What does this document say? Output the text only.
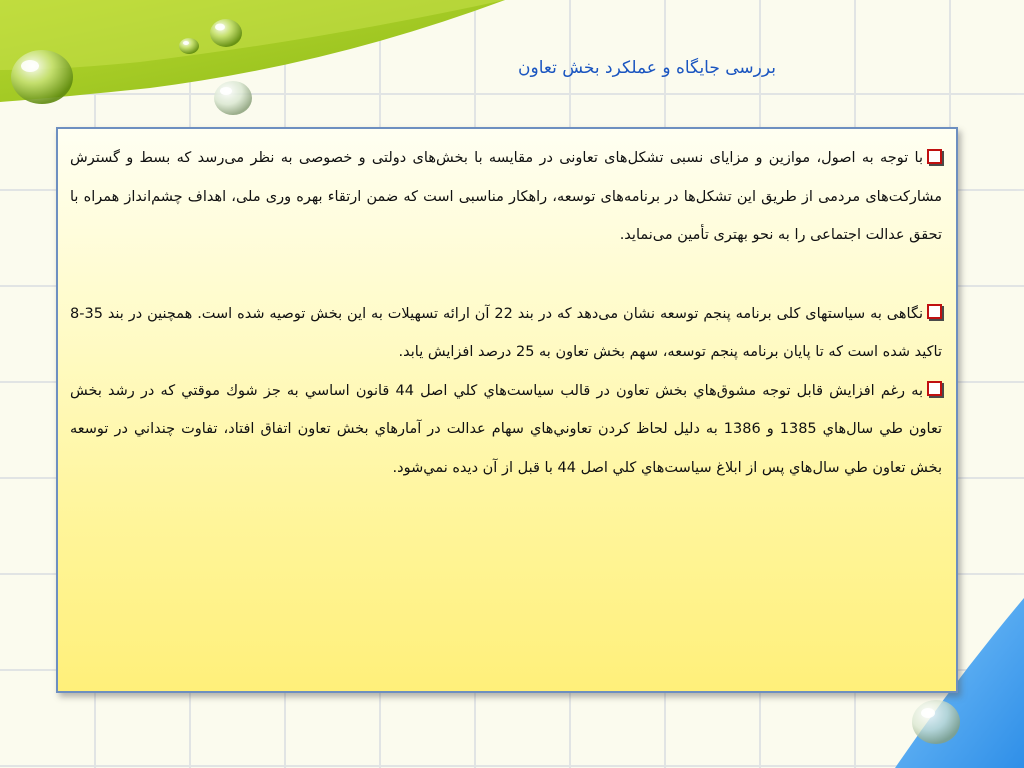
بررسی جایگاه و عملکرد بخش تعاون

با توجه به اصول، موازین و مزایای نسبی تشکل‌های تعاونی در مقایسه با بخش‌های دولتی و خصوصی به نظر می‌رسد که بسط و گسترش مشارکت‌های مردمی از طریق این تشکل‌ها در برنامه‌های توسعه، راهکار مناسبی است که ضمن ارتقاء بهره وری ملی، اهداف چشم‌انداز همراه با تحقق عدالت اجتماعی را به نحو بهتری تأمین می‌نماید.

نگاهی به سیاستهای کلی برنامه پنجم توسعه نشان می‌دهد که در بند 22 آن ارائه تسهیلات به این بخش توصیه شده است. همچنین در بند 35-8 تاکید شده است که تا پایان برنامه پنجم توسعه، سهم بخش تعاون به 25 درصد افزایش یابد.

به رغم افزايش قابل توجه مشوق‌هاي بخش تعاون در قالب سياست‌هاي كلي اصل 44 قانون اساسي به جز شوك موقتي كه در رشد بخش تعاون طي سال‌هاي 1385 و 1386 به دليل لحاظ كردن تعاوني‌هاي سهام عدالت در آمارهاي بخش تعاون اتفاق افتاد، تفاوت چنداني در توسعه بخش تعاون طي سال‌هاي پس از ابلاغ سياست‌هاي كلي اصل 44 با قبل از آن ديده نمي‌شود.
